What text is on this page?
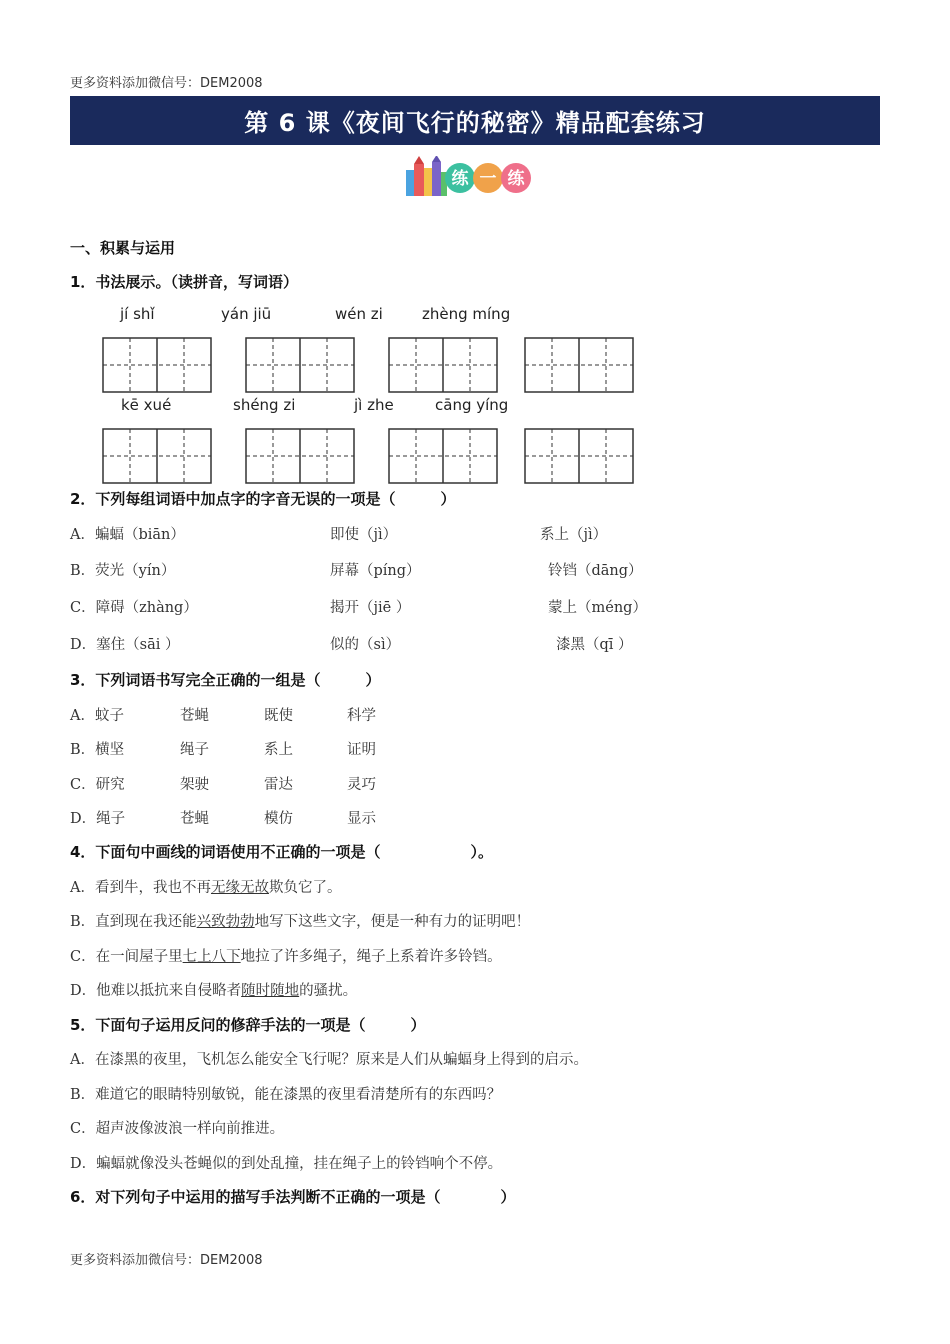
更多资料添加微信号：DEM2008
第 6 课《夜间飞行的秘密》精品配套练习
练 一 练
一、积累与运用
1．书法展示。（读拼音，写词语）
jí shǐ	yán jiū	wén zi	zhèng míng
kē xué	shéng zi	jì zhe	cāng yíng
2．下列每组词语中加点字的字音无误的一项是（　　　）
A．蝙蝠（biān）	即使（jì）	系上（jì）
B．荧光（yín）	屏幕（píng）	铃铛（dāng）
C．障碍（zhàng）	揭开（jiē ）	蒙上（méng）
D．塞住（sāi ）	似的（sì）	漆黑（qī ）
3．下列词语书写完全正确的一组是（　　　）
A．蚊子	苍蝇	既使	科学
B．横坚	绳子	系上	证明
C．研究	架驶	雷达	灵巧
D．绳子	苍蝇	模仿	显示
4．下面句中画线的词语使用不正确的一项是（　　　　　　）。
A．看到牛，我也不再无缘无故欺负它了。
B．直到现在我还能兴致勃勃地写下这些文字，便是一种有力的证明吧！
C．在一间屋子里七上八下地拉了许多绳子，绳子上系着许多铃铛。
D．他难以抵抗来自侵略者随时随地的骚扰。
5．下面句子运用反问的修辞手法的一项是（　　　）
A．在漆黑的夜里，飞机怎么能安全飞行呢？原来是人们从蝙蝠身上得到的启示。
B．难道它的眼睛特别敏锐，能在漆黑的夜里看清楚所有的东西吗？
C．超声波像波浪一样向前推进。
D．蝙蝠就像没头苍蝇似的到处乱撞，挂在绳子上的铃铛响个不停。
6．对下列句子中运用的描写手法判断不正确的一项是（　　　　）
更多资料添加微信号：DEM2008
